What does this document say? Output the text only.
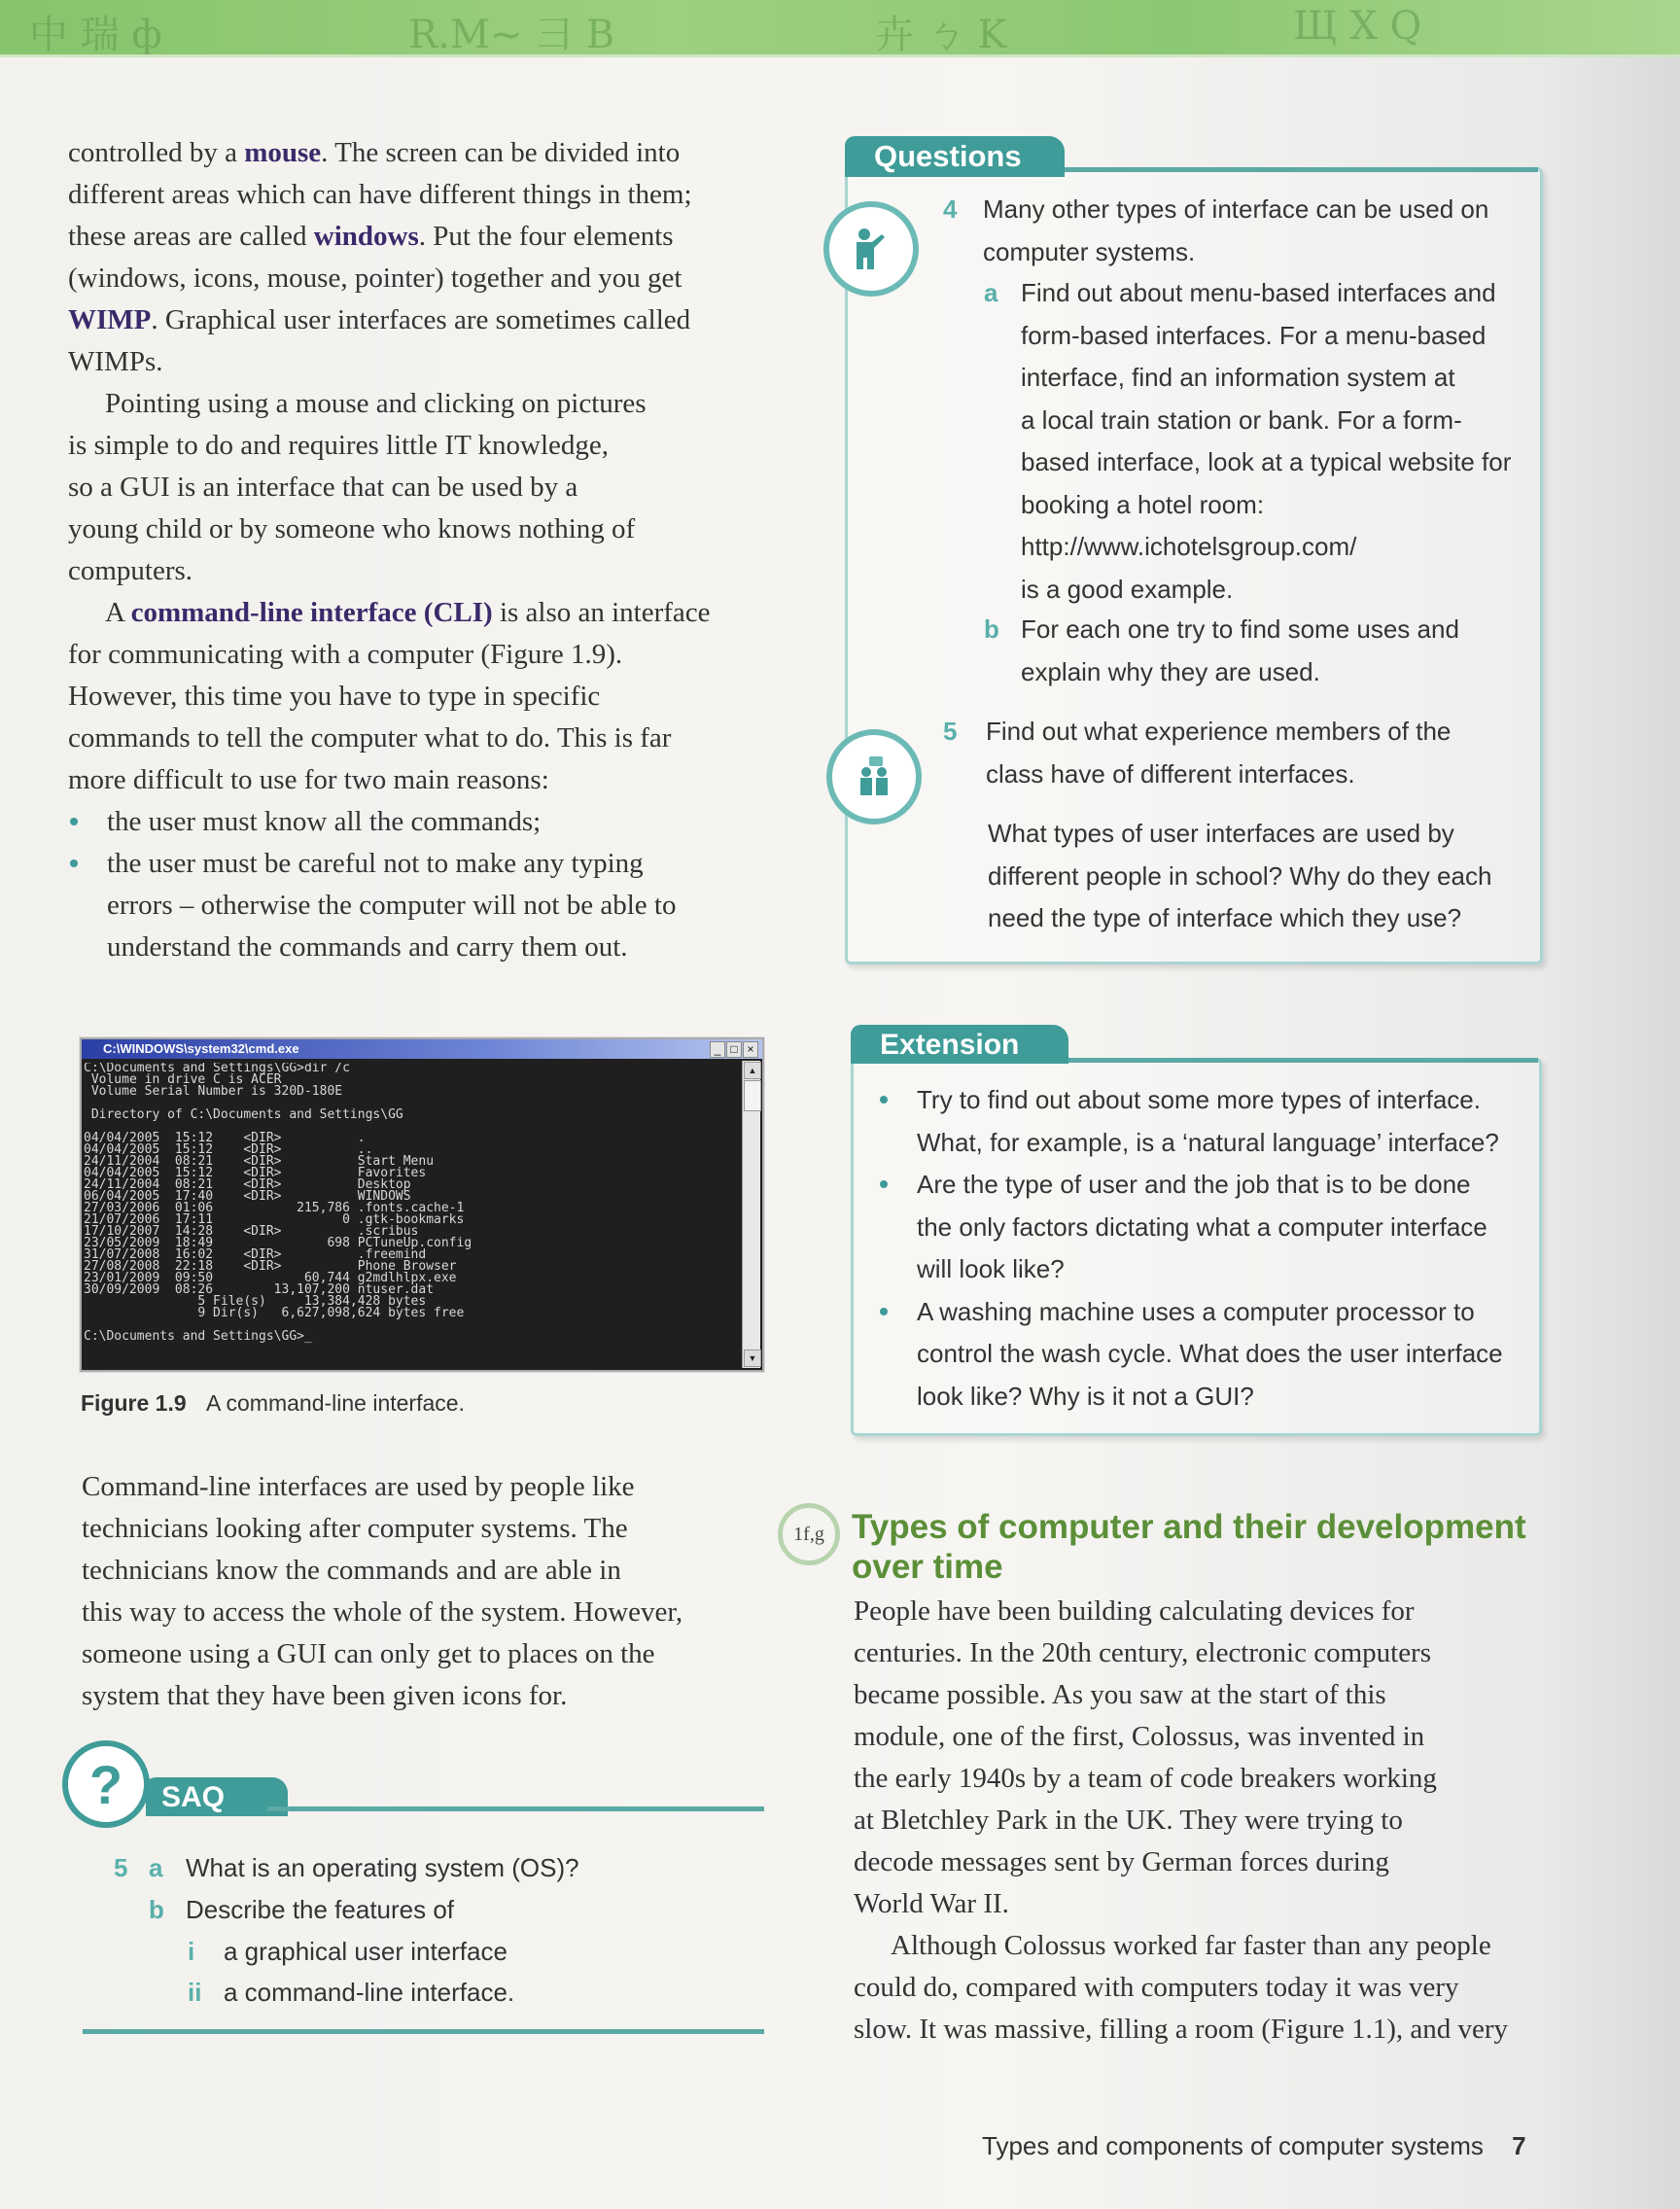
中 瑞 ф	R.M~ 彐 B	卉 ㄅ K	Щ X Q
controlled by a mouse. The screen can be divided into
different areas which can have different things in them;
these areas are called windows. Put the four elements
(windows, icons, mouse, pointer) together and you get
WIMP. Graphical user interfaces are sometimes called
WIMPs.
Pointing using a mouse and clicking on pictures
is simple to do and requires little IT knowledge,
so a GUI is an interface that can be used by a
young child or by someone who knows nothing of
computers.
A command-line interface (CLI) is also an interface
for communicating with a computer (Figure 1.9).
However, this time you have to type in specific
commands to tell the computer what to do. This is far
more difficult to use for two main reasons:
the user must know all the commands;
the user must be careful not to make any typing
errors – otherwise the computer will not be able to
understand the commands and carry them out.
C:\WINDOWS\system32\cmd.exe	_ □ ×
C:\Documents and Settings\GG>dir /c
Volume in drive C is ACER
Volume Serial Number is 320D-180E
Directory of C:\Documents and Settings\GG
04/04/2005  15:12    <DIR>          .
04/04/2005  15:12    <DIR>          ..
24/11/2004  08:21    <DIR>          Start Menu
04/04/2005  15:12    <DIR>          Favorites
24/11/2004  08:21    <DIR>          Desktop
06/04/2005  17:40    <DIR>          WINDOWS
27/03/2006  01:06           215,786 .fonts.cache-1
21/07/2006  17:11                 0 .gtk-bookmarks
17/10/2007  14:28    <DIR>          .scribus
23/05/2009  18:49               698 PCTuneUp.config
31/07/2008  16:02    <DIR>          .freemind
27/08/2008  22:18    <DIR>          Phone Browser
23/01/2009  09:50            60,744 g2mdlhlpx.exe
30/09/2009  08:26        13,107,200 ntuser.dat
5 File(s)     13,384,428 bytes
9 Dir(s)   6,627,098,624 bytes free
C:\Documents and Settings\GG>_
▲
▼
Figure 1.9 A command-line interface.
Command-line interfaces are used by people like
technicians looking after computer systems. The
technicians know the commands and are able in
this way to access the whole of the system. However,
someone using a GUI can only get to places on the
system that they have been given icons for.
?	SAQ
5 a What is an operating system (OS)?
b Describe the features of
i a graphical user interface
ii a command-line interface.
Questions
4 Many other types of interface can be used on
computer systems.
a Find out about menu-based interfaces and
form-based interfaces. For a menu-based
interface, find an information system at
a local train station or bank. For a form-
based interface, look at a typical website for
booking a hotel room:
http://www.ichotelsgroup.com/
is a good example.
b For each one try to find some uses and
explain why they are used.
5 Find out what experience members of the
class have of different interfaces.
What types of user interfaces are used by
different people in school? Why do they each
need the type of interface which they use?
Extension
Try to find out about some more types of interface.
What, for example, is a ‘natural language’ interface?
Are the type of user and the job that is to be done
the only factors dictating what a computer interface
will look like?
A washing machine uses a computer processor to
control the wash cycle. What does the user interface
look like? Why is it not a GUI?
1f,g Types of computer and their development
over time
People have been building calculating devices for
centuries. In the 20th century, electronic computers
became possible. As you saw at the start of this
module, one of the first, Colossus, was invented in
the early 1940s by a team of code breakers working
at Bletchley Park in the UK. They were trying to
decode messages sent by German forces during
World War II.
Although Colossus worked far faster than any people
could do, compared with computers today it was very
slow. It was massive, filling a room (Figure 1.1), and very
Types and components of computer systems 7
